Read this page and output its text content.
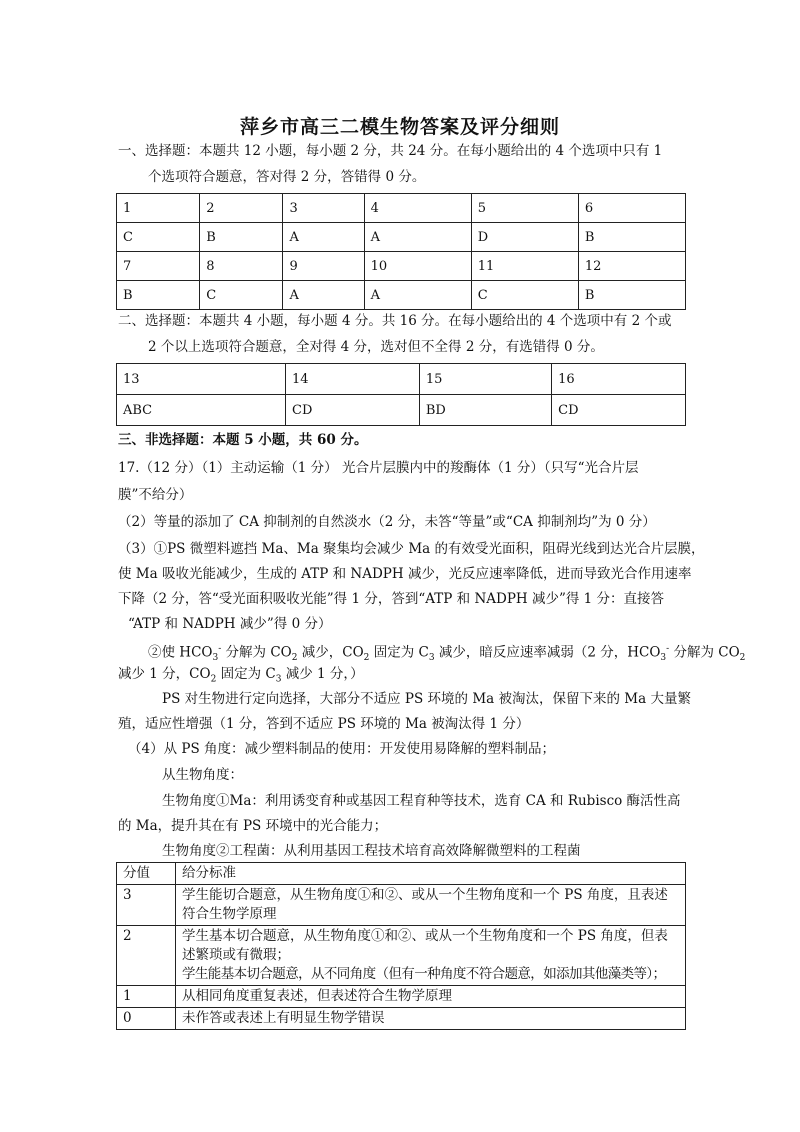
萍乡市高三二模生物答案及评分细则
一、选择题：本题共 12 小题，每小题 2 分，共 24 分。在每小题给出的 4 个选项中只有 1
个选项符合题意，答对得 2 分，答错得 0 分。
1	2	3	4	5	6
C	B	A	A	D	B
7	8	9	10	11	12
B	C	A	A	C	B
二、选择题：本题共 4 小题，每小题 4 分。共 16 分。在每小题给出的 4 个选项中有 2 个或
2 个以上选项符合题意，全对得 4 分，选对但不全得 2 分，有选错得 0 分。
13	14	15	16
ABC	CD	BD	CD
三、非选择题：本题 5 小题，共 60 分。
17.（12 分）（1）主动运输（1 分） 光合片层膜内中的羧酶体（1 分）（只写“光合片层
膜”不给分）
（2）等量的添加了 CA 抑制剂的自然淡水（2 分，未答“等量”或“CA 抑制剂均”为 0 分）
（3）①PS 微塑料遮挡 Ma、Ma 聚集均会减少 Ma 的有效受光面积，阻碍光线到达光合片层膜，
使 Ma 吸收光能减少，生成的 ATP 和 NADPH 减少，光反应速率降低，进而导致光合作用速率
下降（2 分，答“受光面积吸收光能”得 1 分，答到“ATP 和 NADPH 减少”得 1 分：直接答
“ATP 和 NADPH 减少”得 0 分）
②使 $HCO_3^-$ 分解为 $CO_2$ 减少，$CO_2$ 固定为 $C_3$ 减少，暗反应速率减弱（2 分，$HCO_3^-$ 分解为 $CO_2$
减少 1 分，$CO_2$ 固定为 $C_3$ 减少 1 分，）
PS 对生物进行定向选择，大部分不适应 PS 环境的 Ma 被淘汰，保留下来的 Ma 大量繁
殖，适应性增强（1 分，答到不适应 PS 环境的 Ma 被淘汰得 1 分）
（4）从 PS 角度：减少塑料制品的使用：开发使用易降解的塑料制品；
从生物角度：
生物角度①Ma：利用诱变育种或基因工程育种等技术，选育 CA 和 Rubisco 酶活性高
的 Ma，提升其在有 PS 环境中的光合能力；
生物角度②工程菌：从利用基因工程技术培育高效降解微塑料的工程菌
分值	给分标准
3	学生能切合题意，从生物角度①和②、或从一个生物角度和一个 PS 角度，且表述
符合生物学原理

2	学生基本切合题意，从生物角度①和②、或从一个生物角度和一个 PS 角度，但表
述繁琐或有微瑕；
学生能基本切合题意，从不同角度（但有一种角度不符合题意，如添加其他藻类等）；

1	从相同角度重复表述，但表述符合生物学原理

0	未作答或表述上有明显生物学错误
